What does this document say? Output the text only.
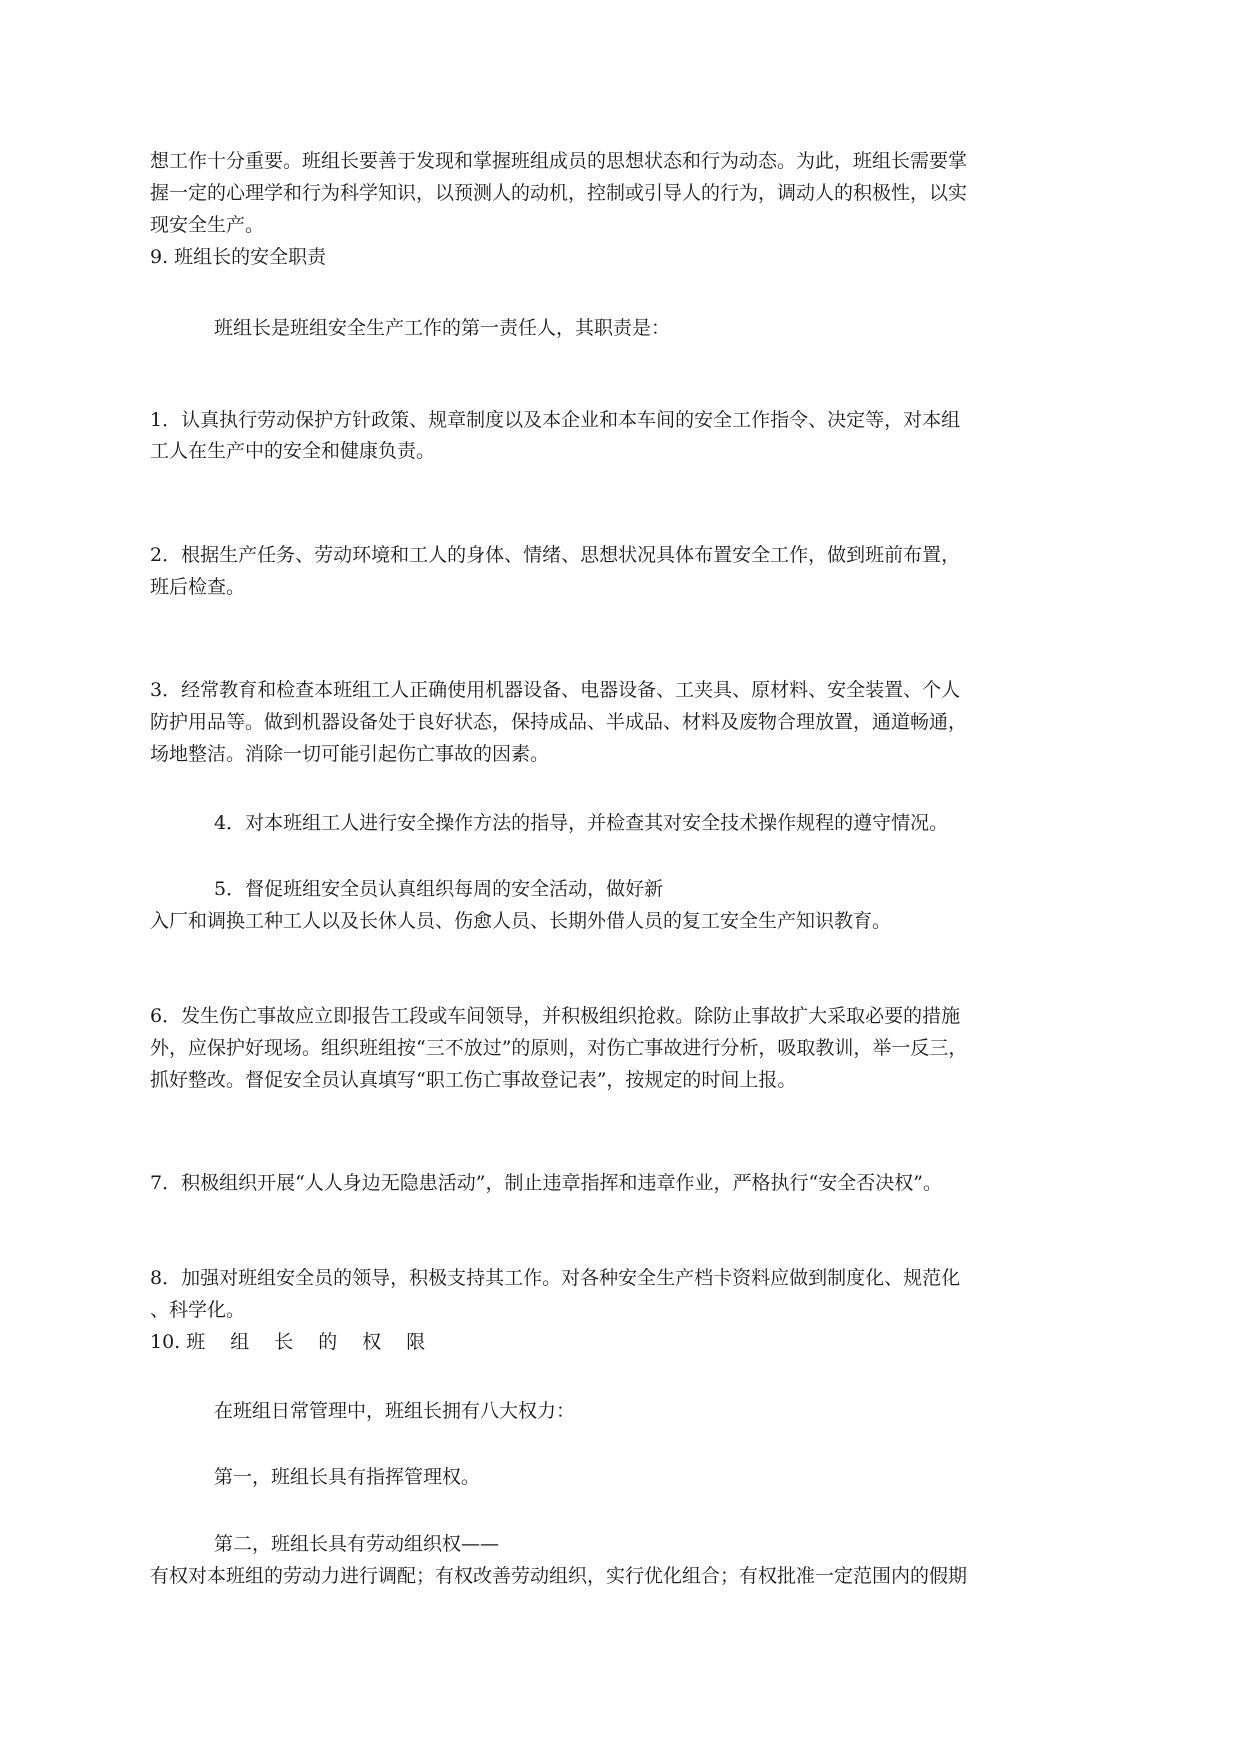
想工作十分重要。班组长要善于发现和掌握班组成员的思想状态和行为动态。为此，班组长需要掌

握一定的心理学和行为科学知识，以预测人的动机，控制或引导人的行为，调动人的积极性，以实

现安全生产。

9. 班组长的安全职责

班组长是班组安全生产工作的第一责任人，其职责是：

1．认真执行劳动保护方针政策、规章制度以及本企业和本车间的安全工作指令、决定等，对本组

工人在生产中的安全和健康负责。

2．根据生产任务、劳动环境和工人的身体、情绪、思想状况具体布置安全工作，做到班前布置，

班后检查。

3．经常教育和检查本班组工人正确使用机器设备、电器设备、工夹具、原材料、安全装置、个人

防护用品等。做到机器设备处于良好状态，保持成品、半成品、材料及废物合理放置，通道畅通，

场地整洁。消除一切可能引起伤亡事故的因素。

4．对本班组工人进行安全操作方法的指导，并检查其对安全技术操作规程的遵守情况。

5．督促班组安全员认真组织每周的安全活动，做好新

入厂和调换工种工人以及长休人员、伤愈人员、长期外借人员的复工安全生产知识教育。

6．发生伤亡事故应立即报告工段或车间领导，并积极组织抢救。除防止事故扩大采取必要的措施

外，应保护好现场。组织班组按“三不放过”的原则，对伤亡事故进行分析，吸取教训，举一反三，

抓好整改。督促安全员认真填写“职工伤亡事故登记表”，按规定的时间上报。

7．积极组织开展“人人身边无隐患活动”，制止违章指挥和违章作业，严格执行“安全否决权”。

8．加强对班组安全员的领导，积极支持其工作。对各种安全生产档卡资料应做到制度化、规范化

、科学化。

10. 班组长的权限

在班组日常管理中，班组长拥有八大权力：

第一，班组长具有指挥管理权。

第二，班组长具有劳动组织权——

有权对本班组的劳动力进行调配；有权改善劳动组织，实行优化组合；有权批准一定范围内的假期
